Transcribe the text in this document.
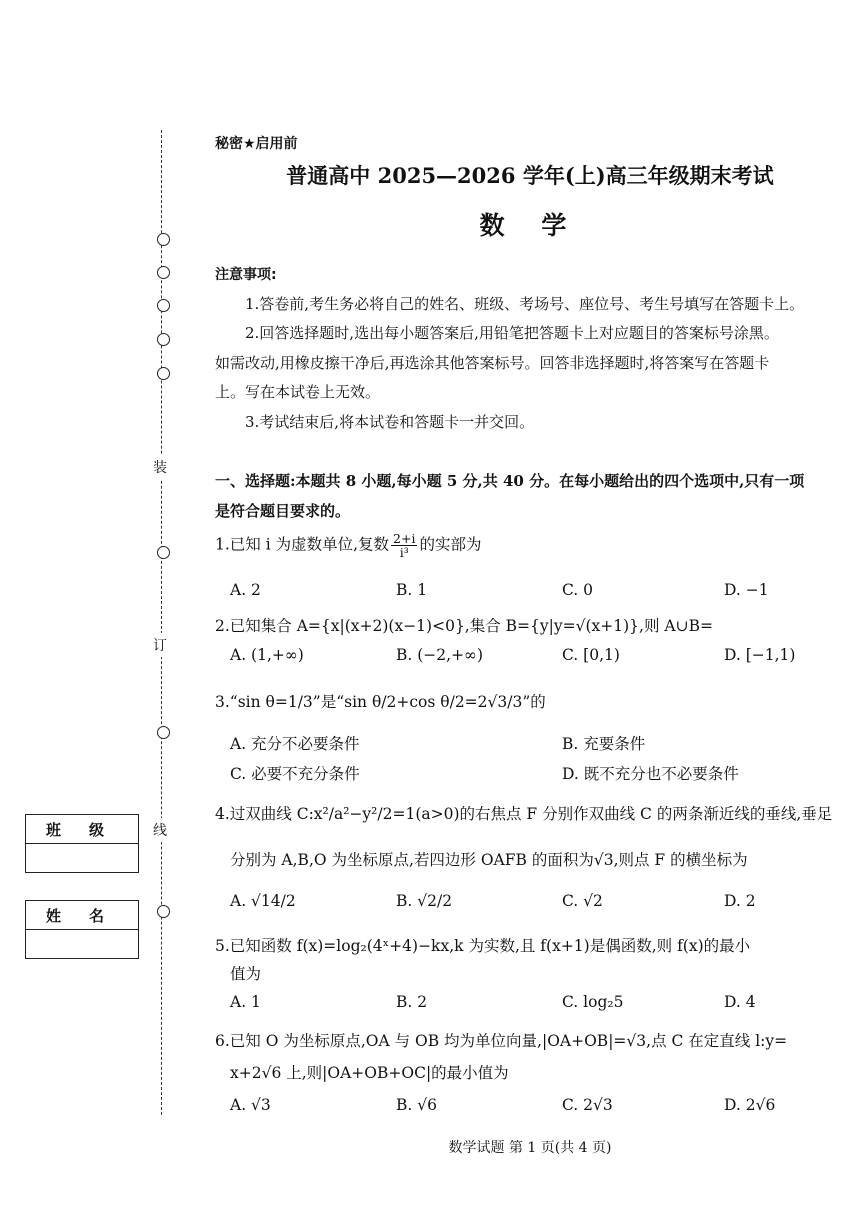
装
订
线
班级
姓名
秘密★启用前
普通高中 2025—2026 学年(上)高三年级期末考试
数 学
注意事项:
1.答卷前,考生务必将自己的姓名、班级、考场号、座位号、考生号填写在答题卡上。
2.回答选择题时,选出每小题答案后,用铅笔把答题卡上对应题目的答案标号涂黑。
如需改动,用橡皮擦干净后,再选涂其他答案标号。回答非选择题时,将答案写在答题卡
上。写在本试卷上无效。
3.考试结束后,将本试卷和答题卡一并交回。
一、选择题:本题共 8 小题,每小题 5 分,共 40 分。在每小题给出的四个选项中,只有一项
是符合题目要求的。
1.已知 i 为虚数单位,复数 $\frac{2+i}{\text{i³}}$ 的实部为
A. 2	B. 1	C. 0	D. −1
2.已知集合 A={x|(x+2)(x−1)<0},集合 B={y|y=√(x+1)},则 A∪B=
A. (1,+∞)	B. (−2,+∞)	C. [0,1)	D. [−1,1)
3.“sin θ=1/3”是“sin θ/2+cos θ/2=2√3/3”的
A. 充分不必要条件	B. 充要条件
C. 必要不充分条件	D. 既不充分也不必要条件
4.过双曲线 C:x²/a²−y²/2=1(a>0)的右焦点 F 分别作双曲线 C 的两条渐近线的垂线,垂足
分别为 A,B,O 为坐标原点,若四边形 OAFB 的面积为√3,则点 F 的横坐标为
A. √14/2	B. √2/2	C. √2	D. 2
5.已知函数 f(x)=log₂(4ˣ+4)−kx,k 为实数,且 f(x+1)是偶函数,则 f(x)的最小
值为
A. 1	B. 2	C. log₂5	D. 4
6.已知 O 为坐标原点,OA 与 OB 均为单位向量,|OA+OB|=√3,点 C 在定直线 l:y=
x+2√6 上,则|OA+OB+OC|的最小值为
A. √3	B. √6	C. 2√3	D. 2√6
数学试题 第 1 页(共 4 页)
